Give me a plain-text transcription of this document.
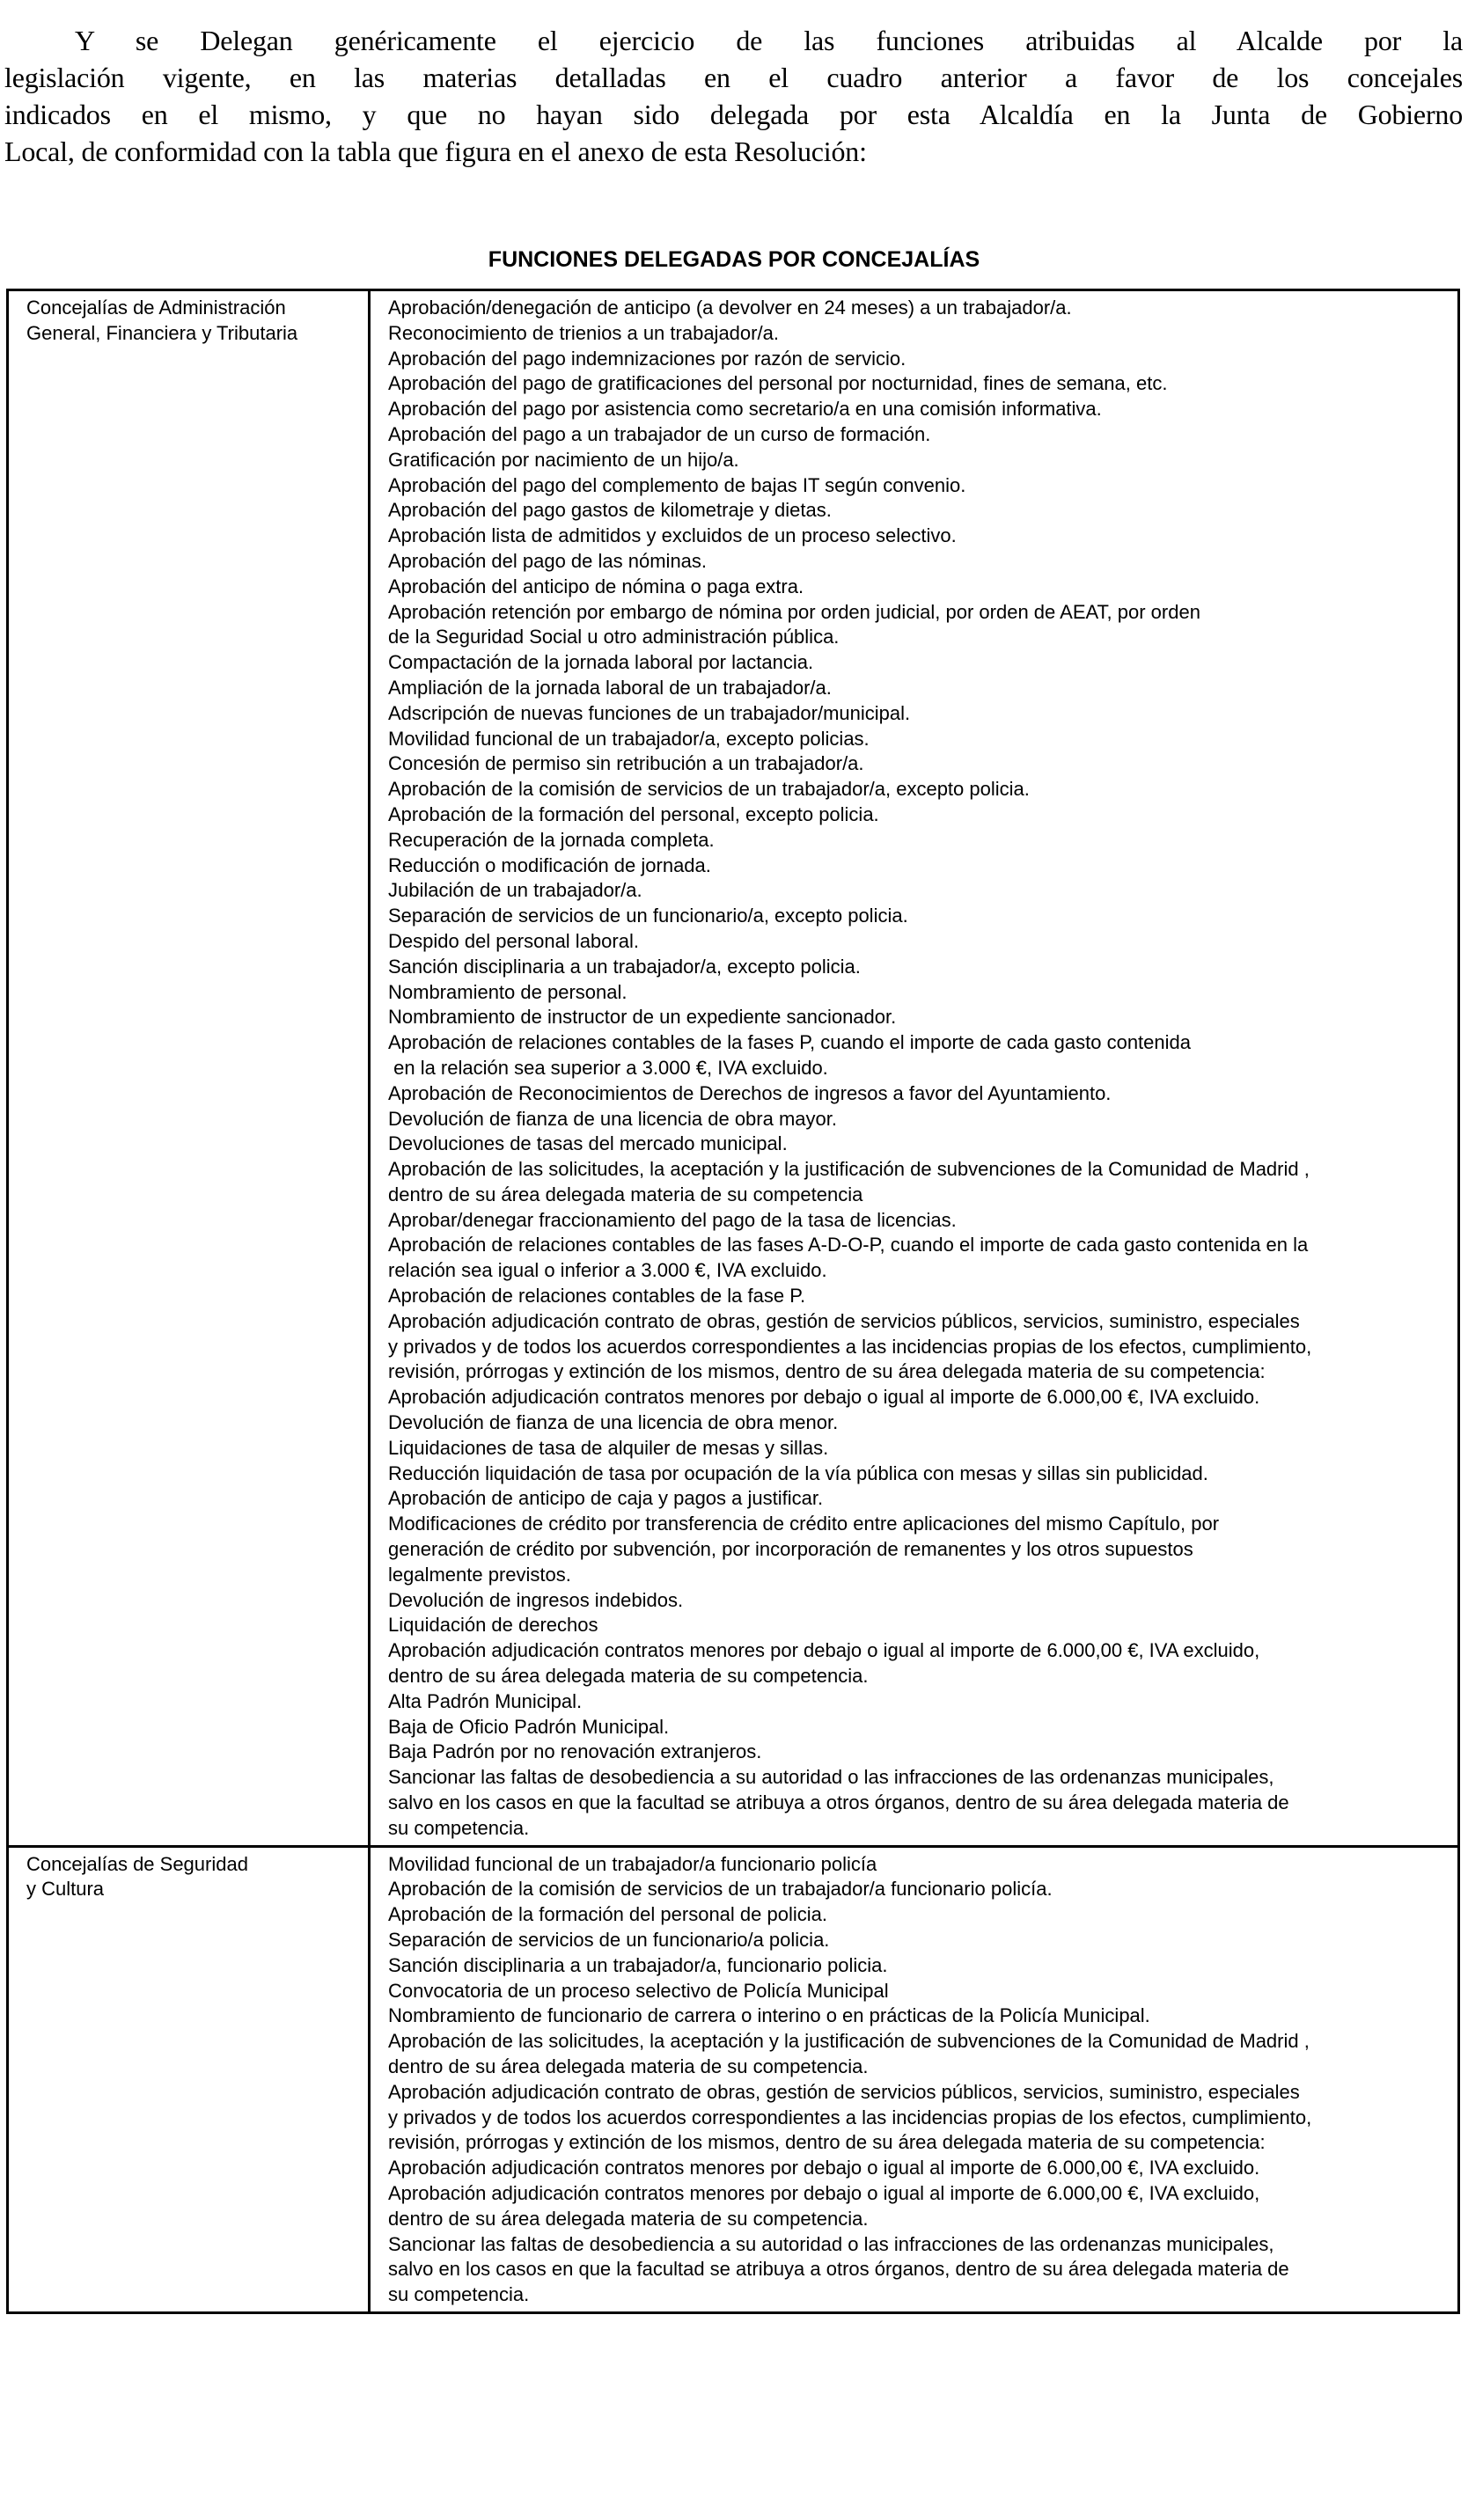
Y se Delegan genéricamente el ejercicio de las funciones atribuidas al Alcalde por la
legislación vigente, en las materias detalladas en el cuadro anterior a favor de los concejales
indicados en el mismo, y que no hayan sido delegada por esta Alcaldía en la Junta de Gobierno
Local, de conformidad con la tabla que figura en el anexo de esta Resolución:
FUNCIONES DELEGADAS POR CONCEJALÍAS
Concejalías de Administración
General, Financiera y Tributaria

Aprobación/denegación de anticipo (a devolver en 24 meses) a un trabajador/a.
Reconocimiento de trienios a un trabajador/a.
Aprobación del pago indemnizaciones por razón de servicio.
Aprobación del pago de gratificaciones del personal por nocturnidad, fines de semana, etc.
Aprobación del pago por asistencia como secretario/a en una comisión informativa.
Aprobación del pago a un trabajador de un curso de formación.
Gratificación por nacimiento de un hijo/a.
Aprobación del pago del complemento de bajas IT según convenio.
Aprobación del pago gastos de kilometraje y dietas.
Aprobación lista de admitidos y excluidos de un proceso selectivo.
Aprobación del pago de las nóminas.
Aprobación del anticipo de nómina o paga extra.
Aprobación retención por embargo de nómina por orden judicial, por orden de AEAT, por orden
de la Seguridad Social u otro administración pública.
Compactación de la jornada laboral por lactancia.
Ampliación de la jornada laboral de un trabajador/a.
Adscripción de nuevas funciones de un trabajador/municipal.
Movilidad funcional de un trabajador/a, excepto policias.
Concesión de permiso sin retribución a un trabajador/a.
Aprobación de la comisión de servicios de un trabajador/a, excepto policia.
Aprobación de la formación del personal, excepto policia.
Recuperación de la jornada completa.
Reducción o modificación de jornada.
Jubilación de un trabajador/a.
Separación de servicios de un funcionario/a, excepto policia.
Despido del personal laboral.
Sanción disciplinaria a un trabajador/a, excepto policia.
Nombramiento de personal.
Nombramiento de instructor de un expediente sancionador.
Aprobación de relaciones contables de la fases P, cuando el importe de cada gasto contenida
en la relación sea superior a 3.000 €, IVA excluido.
Aprobación de Reconocimientos de Derechos de ingresos a favor del Ayuntamiento.
Devolución de fianza de una licencia de obra mayor.
Devoluciones de tasas del mercado municipal.
Aprobación de las solicitudes, la aceptación y la justificación de subvenciones de la Comunidad de Madrid ,
dentro de su área delegada materia de su competencia
Aprobar/denegar fraccionamiento del pago de la tasa de licencias.
Aprobación de relaciones contables de las fases A-D-O-P, cuando el importe de cada gasto contenida en la
relación sea igual o inferior a 3.000 €, IVA excluido.
Aprobación de relaciones contables de la fase P.
Aprobación adjudicación contrato de obras, gestión de servicios públicos, servicios, suministro, especiales
y privados y de todos los acuerdos correspondientes a las incidencias propias de los efectos, cumplimiento,
revisión, prórrogas y extinción de los mismos, dentro de su área delegada materia de su competencia:
Aprobación adjudicación contratos menores por debajo o igual al importe de 6.000,00 €, IVA excluido.
Devolución de fianza de una licencia de obra menor.
Liquidaciones de tasa de alquiler de mesas y sillas.
Reducción liquidación de tasa por ocupación de la vía pública con mesas y sillas sin publicidad.
Aprobación de anticipo de caja y pagos a justificar.
Modificaciones de crédito por transferencia de crédito entre aplicaciones del mismo Capítulo, por
generación de crédito por subvención, por incorporación de remanentes y los otros supuestos
legalmente previstos.
Devolución de ingresos indebidos.
Liquidación de derechos
Aprobación adjudicación contratos menores por debajo o igual al importe de 6.000,00 €, IVA excluido,
dentro de su área delegada materia de su competencia.
Alta Padrón Municipal.
Baja de Oficio Padrón Municipal.
Baja Padrón por no renovación extranjeros.
Sancionar las faltas de desobediencia a su autoridad o las infracciones de las ordenanzas municipales,
salvo en los casos en que la facultad se atribuya a otros órganos, dentro de su área delegada materia de
su competencia.

Concejalías de Seguridad
y Cultura

Movilidad funcional de un trabajador/a funcionario policía
Aprobación de la comisión de servicios de un trabajador/a funcionario policía.
Aprobación de la formación del personal de policia.
Separación de servicios de un funcionario/a policia.
Sanción disciplinaria a un trabajador/a, funcionario policia.
Convocatoria de un proceso selectivo de Policía Municipal
Nombramiento de funcionario de carrera o interino o en prácticas de la Policía Municipal.
Aprobación de las solicitudes, la aceptación y la justificación de subvenciones de la Comunidad de Madrid ,
dentro de su área delegada materia de su competencia.
Aprobación adjudicación contrato de obras, gestión de servicios públicos, servicios, suministro, especiales
y privados y de todos los acuerdos correspondientes a las incidencias propias de los efectos, cumplimiento,
revisión, prórrogas y extinción de los mismos, dentro de su área delegada materia de su competencia:
Aprobación adjudicación contratos menores por debajo o igual al importe de 6.000,00 €, IVA excluido.
Aprobación adjudicación contratos menores por debajo o igual al importe de 6.000,00 €, IVA excluido,
dentro de su área delegada materia de su competencia.
Sancionar las faltas de desobediencia a su autoridad o las infracciones de las ordenanzas municipales,
salvo en los casos en que la facultad se atribuya a otros órganos, dentro de su área delegada materia de
su competencia.
